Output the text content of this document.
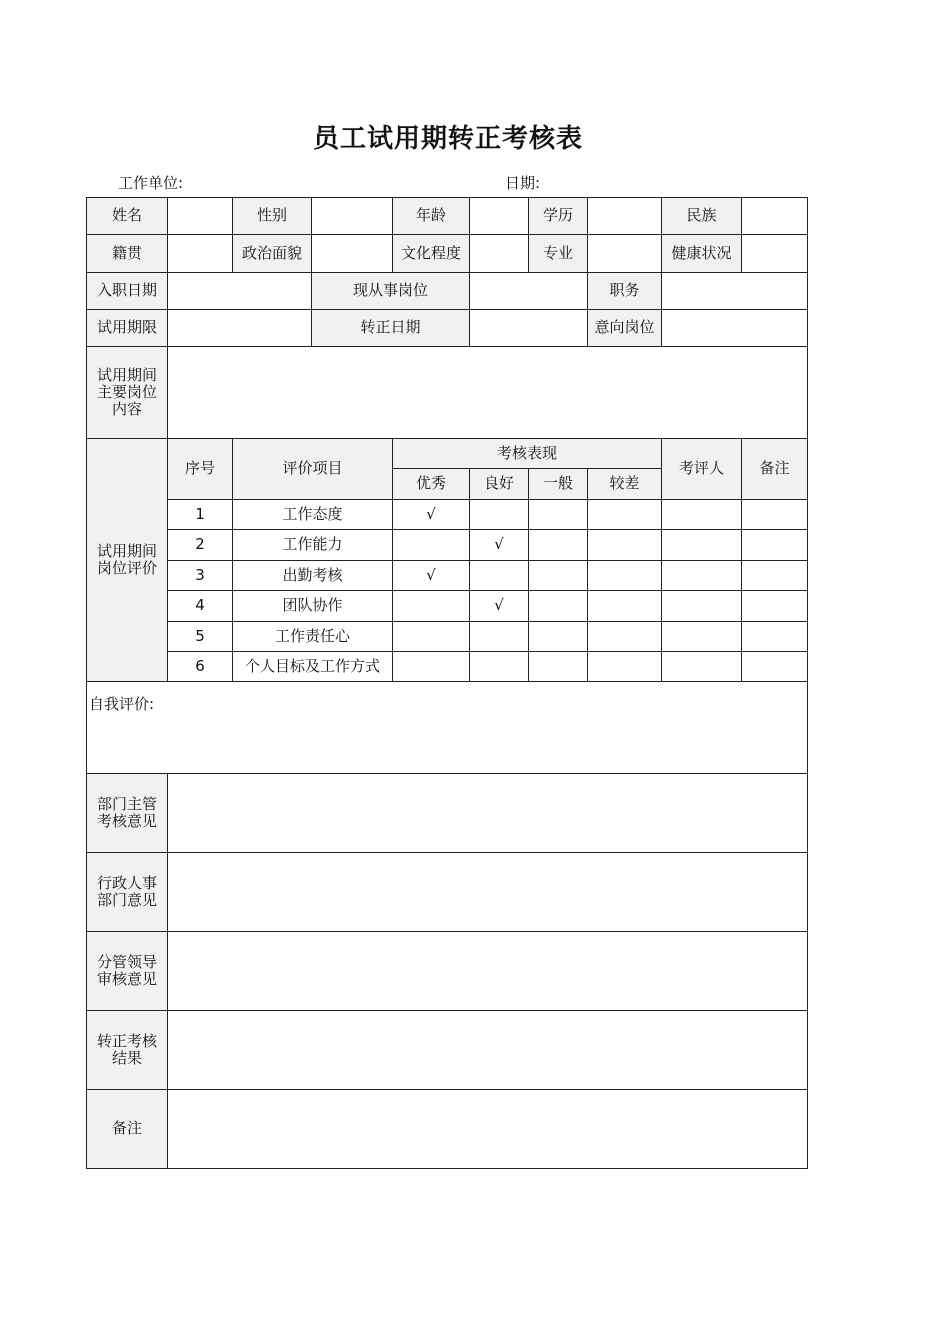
员工试用期转正考核表
工作单位:	日期:
姓名		性别		年龄		学历		民族	
籍贯		政治面貌		文化程度		专业		健康状况	
入职日期			现从事岗位				职务		
试用期限			转正日期				意向岗位		

试用期间
主要岗位
内容									

试用期间
岗位评价	序号	评价项目		考核表现				考评人	备注
				优秀	良好	一般	较差		
	1	工作态度		√					
	2	工作能力			√				
	3	出勤考核		√					
	4	团队协作			√				
	5	工作责任心							
	6	个人目标及工作方式							
自我评价:									

部门主管
考核意见									

行政人事
部门意见									

分管领导
审核意见									

转正考核
结果									

备注									
